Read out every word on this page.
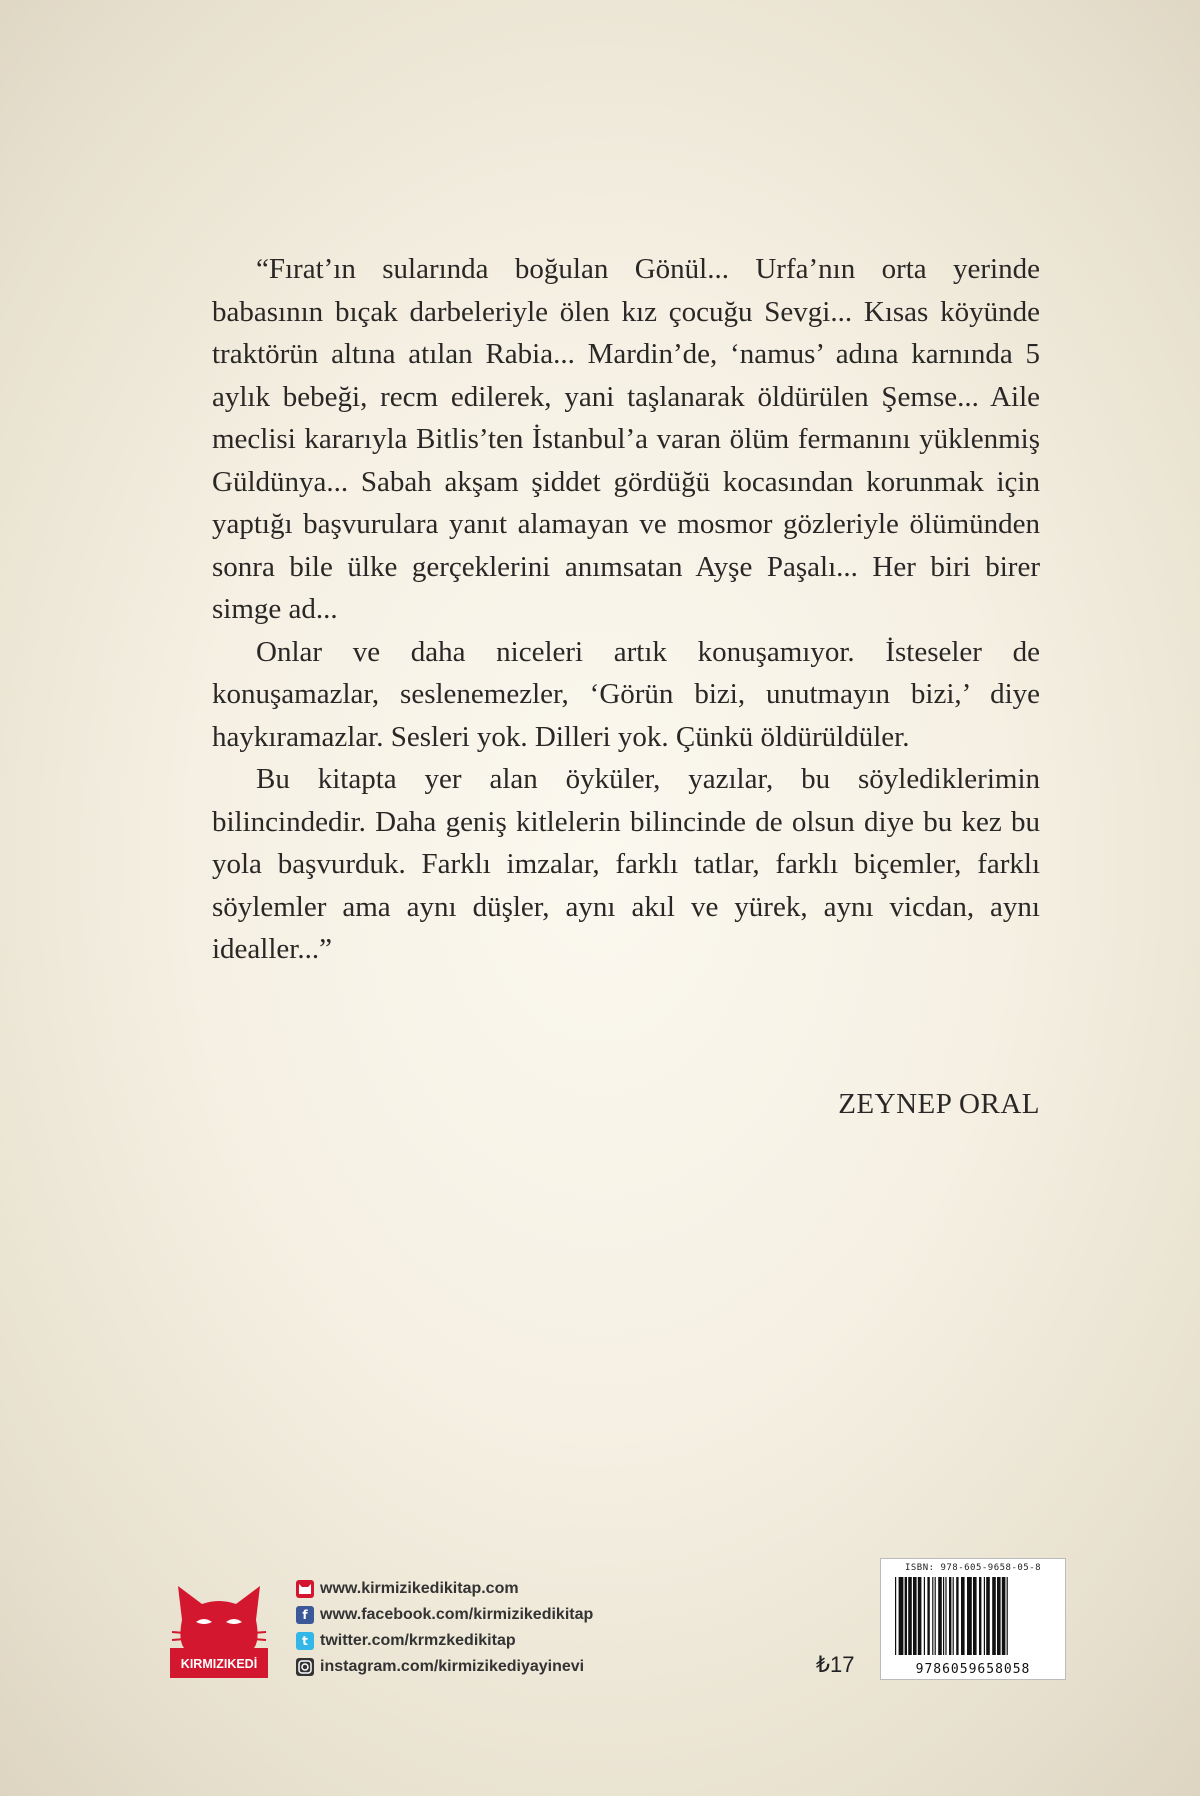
“Fırat’ın sularında boğulan Gönül... Urfa’nın orta yerinde babasının bıçak darbeleriyle ölen kız çocuğu Sevgi... Kısas köyünde traktörün altına atılan Rabia... Mardin’de, ‘namus’ adına karnında 5 aylık bebeği, recm edilerek, yani taşlanarak öldürülen Şemse... Aile meclisi kararıyla Bitlis’ten İstanbul’a varan ölüm fermanını yüklenmiş Güldünya... Sabah akşam şiddet gördüğü kocasından korunmak için yaptığı başvurulara yanıt alamayan ve mosmor gözleriyle ölümünden sonra bile ülke gerçeklerini anımsatan Ayşe Paşalı... Her biri birer simge ad...

Onlar ve daha niceleri artık konuşamıyor. İsteseler de konuşamazlar, seslenemezler, ‘Görün bizi, unutmayın bizi,’ diye haykıramazlar. Sesleri yok. Dilleri yok. Çünkü öldürüldüler.

Bu kitapta yer alan öyküler, yazılar, bu söylediklerimin bilincindedir. Daha geniş kitlelerin bilincinde de olsun diye bu kez bu yola başvurduk. Farklı imzalar, farklı tatlar, farklı biçemler, farklı söylemler ama aynı düşler, aynı akıl ve yürek, aynı vicdan, aynı idealler...”

ZEYNEP ORAL
KIRMIZIKEDİ
www.kirmizikedikitap.com
f www.facebook.com/kirmizikedikitap
t twitter.com/krmzkedikitap
instagram.com/kirmizikediyayinevi	₺17
ISBN: 978-605-9658-05-8
9786059658058
